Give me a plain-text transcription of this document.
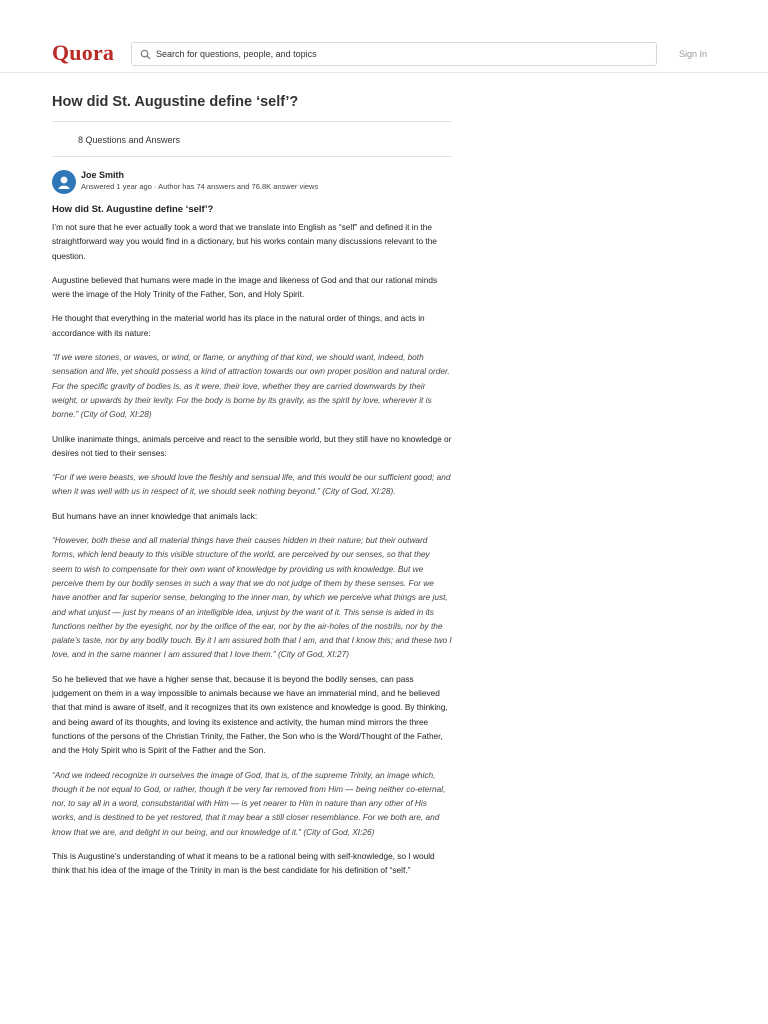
Quora
Search for questions, people, and topics	Sign In
How did St. Augustine define ‘self’?
8 Questions and Answers
Joe Smith
Answered 1 year ago · Author has 74 answers and 76.8K answer views
How did St. Augustine define ‘self’?

I’m not sure that he ever actually took a word that we translate into English as “self” and defined it in the straightforward way you would find in a dictionary, but his works contain many discussions relevant to the question.

Augustine believed that humans were made in the image and likeness of God and that our rational minds were the image of the Holy Trinity of the Father, Son, and Holy Spirit.

He thought that everything in the material world has its place in the natural order of things, and acts in accordance with its nature:

“If we were stones, or waves, or wind, or flame, or anything of that kind, we should want, indeed, both sensation and life, yet should possess a kind of attraction towards our own proper position and natural order. For the specific gravity of bodies is, as it were, their love, whether they are carried downwards by their weight, or upwards by their levity. For the body is borne by its gravity, as the spirit by love, wherever it is borne.” (City of God, XI:28)

Unlike inanimate things, animals perceive and react to the sensible world, but they still have no knowledge or desires not tied to their senses:

“For if we were beasts, we should love the fleshly and sensual life, and this would be our sufficient good; and when it was well with us in respect of it, we should seek nothing beyond.” (City of God, XI:28).

But humans have an inner knowledge that animals lack:

“However, both these and all material things have their causes hidden in their nature; but their outward forms, which lend beauty to this visible structure of the world, are perceived by our senses, so that they seem to wish to compensate for their own want of knowledge by providing us with knowledge. But we perceive them by our bodily senses in such a way that we do not judge of them by these senses. For we have another and far superior sense, belonging to the inner man, by which we perceive what things are just, and what unjust — just by means of an intelligible idea, unjust by the want of it. This sense is aided in its functions neither by the eyesight, nor by the orifice of the ear, nor by the air-holes of the nostrils, nor by the palate’s taste, nor by any bodily touch. By it I am assured both that I am, and that I know this; and these two I love, and in the same manner I am assured that I love them.” (City of God, XI:27)

So he believed that we have a higher sense that, because it is beyond the bodily senses, can pass judgement on them in a way impossible to animals because we have an immaterial mind, and he believed that that mind is aware of itself, and it recognizes that its own existence and knowledge is good. By thinking, and being award of its thoughts, and loving its existence and activity, the human mind mirrors the three functions of the persons of the Christian Trinity, the Father, the Son who is the Word/Thought of the Father, and the Holy Spirit who is Spirit of the Father and the Son.

“And we indeed recognize in ourselves the image of God, that is, of the supreme Trinity, an image which, though it be not equal to God, or rather, though it be very far removed from Him — being neither co-eternal, nor, to say all in a word, consubstantial with Him — is yet nearer to Him in nature than any other of His works, and is destined to be yet restored, that it may bear a still closer resemblance. For we both are, and know that we are, and delight in our being, and our knowledge of it.” (City of God, XI:26)

This is Augustine’s understanding of what it means to be a rational being with self-knowledge, so I would think that his idea of the image of the Trinity in man is the best candidate for his definition of “self.”
